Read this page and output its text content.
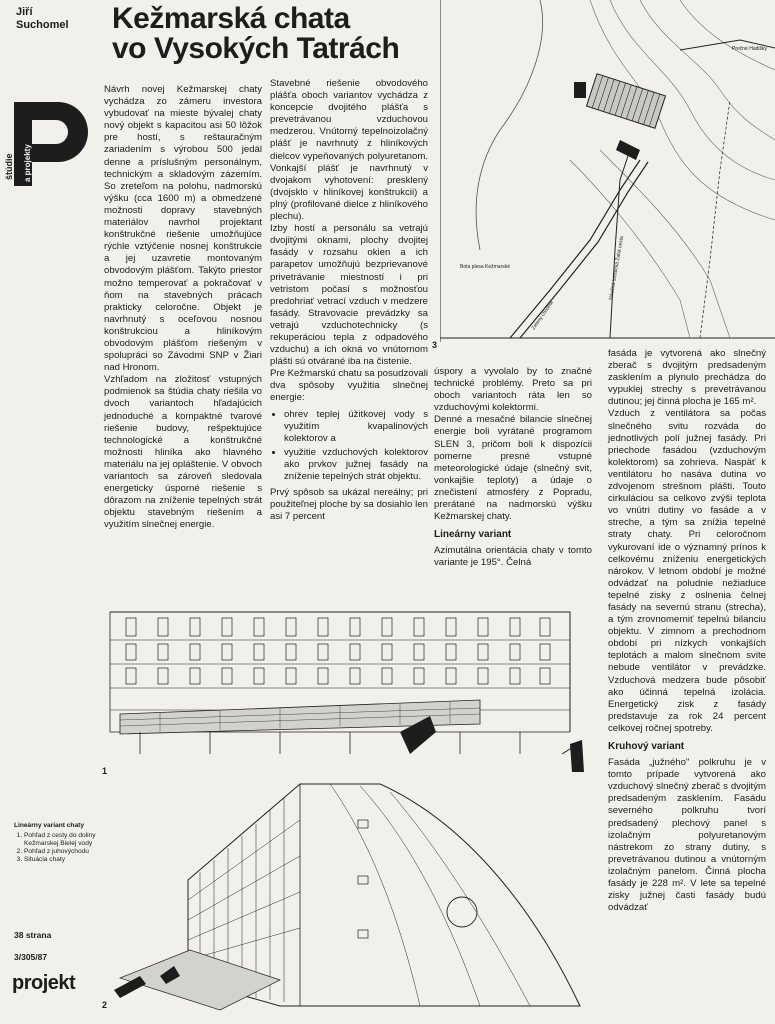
Jiří
Suchomel Kežmarská chata
vo Vysokých Tatrách
štúdie a projekty

Návrh novej Kežmarskej chaty vychádza zo zámeru investora vybudovať na mieste bývalej chaty nový objekt s kapacitou asi 50 lôžok pre hostí, s reštauračným zariadením s výrobou 500 jedál denne a príslušným personálnym, technickým a skladovým zázemím. So zreteľom na polohu, nadmorskú výšku (cca 1600 m) a obmedzené možnosti dopravy stavebných materiálov navrhol projektant konštrukčné riešenie umožňujúce rýchle vztýčenie nosnej konštrukcie a jej uzavretie montovaným obvodovým plášťom. Takýto priestor možno temperovať a pokračovať v ňom na stavebných prácach prakticky celoročne. Objekt je navrhnutý s oceľovou nosnou konštrukciou a hliníkovým obvodovým plášťom riešeným v spolupráci so Závodmi SNP v Žiari nad Hronom.

Vzhľadom na zložitosť vstupných podmienok sa štúdia chaty riešila vo dvoch variantoch hľadajúcich jednoduché a kompaktné tvarové riešenie budovy, rešpektujúce technologické a konštrukčné možnosti hliníka ako hlavného materiálu na jej opláštenie. V obvoch variantoch sa zároveň sledovala energeticky úsporné riešenie s dôrazom na zníženie tepelných strát objektu stavebným riešením a využitím slnečnej energie.

Stavebné riešenie obvodového plášťa oboch variantov vychádza z koncepcie dvojitého plášťa s prevetrávanou vzduchovou medzerou. Vnútorný tepelnoizolačný plášť je navrhnutý z hliníkových dielcov vypeňovaných polyuretanom. Vonkajší plášť je navrhnutý v dvojakom vyhotovení: presklený (dvojsklo v hliníkovej konštrukcii) a plný (profilované dielce z hliníkového plechu).

Izby hostí a personálu sa vetrajú dvojitými oknami, plochy dvojitej fasády v rozsahu okien a ich parapetov umožňujú bezprievanové privetrávanie miestností i pri vetristom počasí s možnosťou predohriať vetrací vzduch v medzere fasády. Stravovacie prevádzky sa vetrajú vzduchotechnicky (s rekuperáciou tepla z odpadového vzduchu) a ich okná vo vnútornom plášti sú otvárané iba na čistenie.

Pre Kežmarskú chatu sa posudzovali dva spôsoby využitia slnečnej energie:

• ohrev teplej úžitkovej vody s využitím kvapalinových kolektorov a
• využitie vzduchových kolektorov ako prvkov južnej fasády na zníženie tepelných strát objektu.

Prvý spôsob sa ukázal nereálny; pri použiteľnej ploche by sa dosiahlo len asi 7 percent

úspory a vyvolalo by to značné technické problémy. Preto sa pri oboch variantoch ráta len so vzduchovými kolektormi.

Denné a mesačné bilancie slnečnej energie boli vyrátané programom SLEN 3, pričom boli k dispozícii pomerne presné vstupné meteorologické údaje (slnečný svit, vonkajšie teploty) a údaje o znečistení atmosféry z Popradu, prerátané na nadmorskú výšku Kežmarskej chaty.

Lineárny variant

Azimutálna orientácia chaty v tomto variante je 195°. Čelná

fasáda je vytvorená ako slnečný zberač s dvojitým predsadeným zasklením a plynulo prechádza do vypuklej strechy s prevetrávanou dutinou; jej činná plocha je 165 m².

Vzduch z ventilátora sa počas slnečného svitu rozváda do jednotlivých polí južnej fasády. Pri priechode fasádou (vzduchovým kolektorom) sa zohrieva. Naspäť k ventilátoru ho nasáva dutina vo zdvojenom strešnom plášti. Touto cirkuláciou sa celkovo zvýši teplota vo vnútri dutiny vo fasáde a v streche, a tým sa znížia tepelné straty chaty. Pri celoročnom vykurovaní ide o významný prínos k celkovému zníženiu energetických nárokov. V letnom období je možné odvádzať na poludnie nežiaduce tepelné zisky z oslnenia čelnej fasády na severnú stranu (strecha), a tým zrovnomerniť tepelnú bilanciu objektu. V zimnom a prechodnom období pri nízkych vonkajších teplotách a malom slnečnom svite nebude ventilátor v prevádzke. Vzduchová medzera bude pôsobiť ako účinná tepelná izolácia. Energetický zisk z fasády predstavuje za rok 24 percent celkovej ročnej spotreby.

Kruhový variant

Fasáda „južného" polkruhu je v tomto prípade vytvorená ako vzduchový slnečný zberač s dvojitým predsadeným zasklením. Fasádu severného polkruhu tvorí predsadený plechový panel s izolačným polyuretanovým nástrekom zo strany dutiny, s prevetrávanou dutinou a vnútorným izolačným panelom. Činná plocha fasády je 228 m². V lete sa tepelné zisky južnej časti fasády budú odvádzať

Prečné Hadišky
Bota plesa Kežmarské	Náučná turistická Žabá cesta
Zelený chodník
3
1
2
Lineárny variant chaty
1. Pohľad z cesty do doliny Kežmarskej Bielej vody
2. Pohľad z juhovýchodu
3. Situácia chaty
38 strana
3/305/87
projekt
